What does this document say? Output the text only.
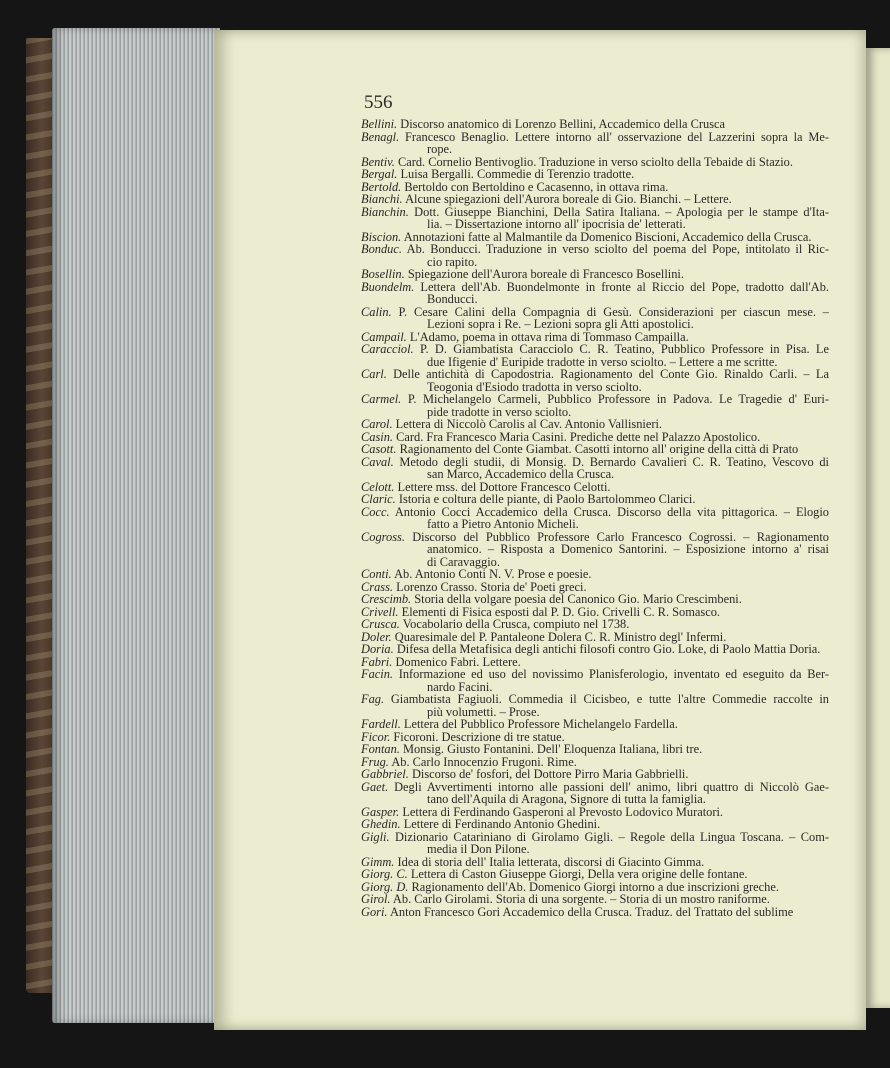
556
Bellini. Discorso anatomico di Lorenzo Bellini, Accademico della Crusca
Benagl. Francesco Benaglio. Lettere intorno all' osservazione del Lazzerini sopra la Me-
rope.
Bentiv. Card. Cornelio Bentivoglio. Traduzione in verso sciolto della Tebaide di Stazio.
Bergal. Luisa Bergalli. Commedie di Terenzio tradotte.
Bertold. Bertoldo con Bertoldino e Cacasenno, in ottava rima.
Bianchi. Alcune spiegazioni dell'Aurora boreale di Gio. Bianchi. – Lettere.
Bianchin. Dott. Giuseppe Bianchini, Della Satira Italiana. – Apologia per le stampe d'Ita-
lia. – Dissertazione intorno all' ipocrisia de' letterati.
Biscion. Annotazioni fatte al Malmantile da Domenico Biscioni, Accademico della Crusca.
Bonduc. Ab. Bonducci. Traduzione in verso sciolto del poema del Pope, intitolato il Ric-
cio rapito.
Bosellin. Spiegazione dell'Aurora boreale di Francesco Bosellini.
Buondelm. Lettera dell'Ab. Buondelmonte in fronte al Riccio del Pope, tradotto dall'Ab.
Bonducci.
Calin. P. Cesare Calini della Compagnia di Gesù. Considerazioni per ciascun mese. –
Lezioni sopra i Re. – Lezioni sopra gli Atti apostolici.
Campail. L'Adamo, poema in ottava rima di Tommaso Campailla.
Caracciol. P. D. Giambatista Caracciolo C. R. Teatino, Pubblico Professore in Pisa. Le
due Ifigenie d' Euripide tradotte in verso sciolto. – Lettere a me scritte.
Carl. Delle antichità di Capodostria. Ragionamento del Conte Gio. Rinaldo Carli. – La
Teogonia d'Esiodo tradotta in verso sciolto.
Carmel. P. Michelangelo Carmeli, Pubblico Professore in Padova. Le Tragedie d' Euri-
pide tradotte in verso sciolto.
Carol. Lettera di Niccolò Carolis al Cav. Antonio Vallisnieri.
Casin. Card. Fra Francesco Maria Casini. Prediche dette nel Palazzo Apostolico.
Casott. Ragionamento del Conte Giambat. Casotti intorno all' origine della città di Prato
Caval. Metodo degli studii, di Monsig. D. Bernardo Cavalieri C. R. Teatino, Vescovo di
san Marco, Accademico della Crusca.
Celott. Lettere mss. del Dottore Francesco Celotti.
Claric. Istoria e coltura delle piante, di Paolo Bartolommeo Clarici.
Cocc. Antonio Cocci Accademico della Crusca. Discorso della vita pittagorica. – Elogio
fatto a Pietro Antonio Micheli.
Cogross. Discorso del Pubblico Professore Carlo Francesco Cogrossi. – Ragionamento
anatomico. – Risposta a Domenico Santorini. – Esposizione intorno a' risai
di Caravaggio.
Conti. Ab. Antonio Conti N. V. Prose e poesie.
Crass. Lorenzo Crasso. Storia de' Poeti greci.
Crescimb. Storia della volgare poesia del Canonico Gio. Mario Crescimbeni.
Crivell. Elementi di Fisica esposti dal P. D. Gio. Crivelli C. R. Somasco.
Crusca. Vocabolario della Crusca, compiuto nel 1738.
Doler. Quaresimale del P. Pantaleone Dolera C. R. Ministro degl' Infermi.
Doria. Difesa della Metafisica degli antichi filosofi contro Gio. Loke, di Paolo Mattia Doria.
Fabri. Domenico Fabri. Lettere.
Facin. Informazione ed uso del novissimo Planisferologio, inventato ed eseguito da Ber-
nardo Facini.
Fag. Giambatista Fagiuoli. Commedia il Cicisbeo, e tutte l'altre Commedie raccolte in
più volumetti. – Prose.
Fardell. Lettera del Pubblico Professore Michelangelo Fardella.
Ficor. Ficoroni. Descrizione di tre statue.
Fontan. Monsig. Giusto Fontanini. Dell' Eloquenza Italiana, libri tre.
Frug. Ab. Carlo Innocenzio Frugoni. Rime.
Gabbriel. Discorso de' fosfori, del Dottore Pirro Maria Gabbrielli.
Gaet. Degli Avvertimenti intorno alle passioni dell' animo, libri quattro di Niccolò Gae-
tano dell'Aquila di Aragona, Signore di tutta la famiglia.
Gasper. Lettera di Ferdinando Gasperoni al Prevosto Lodovico Muratori.
Ghedin. Lettere di Ferdinando Antonio Ghedini.
Gigli. Dizionario Catariniano di Girolamo Gigli. – Regole della Lingua Toscana. – Com-
media il Don Pilone.
Gimm. Idea di storia dell' Italia letterata, discorsi di Giacinto Gimma.
Giorg. C. Lettera di Caston Giuseppe Giorgi, Della vera origine delle fontane.
Giorg. D. Ragionamento dell'Ab. Domenico Giorgi intorno a due inscrizioni greche.
Girol. Ab. Carlo Girolami. Storia di una sorgente. – Storia di un mostro raniforme.
Gori. Anton Francesco Gori Accademico della Crusca. Traduz. del Trattato del sublime
